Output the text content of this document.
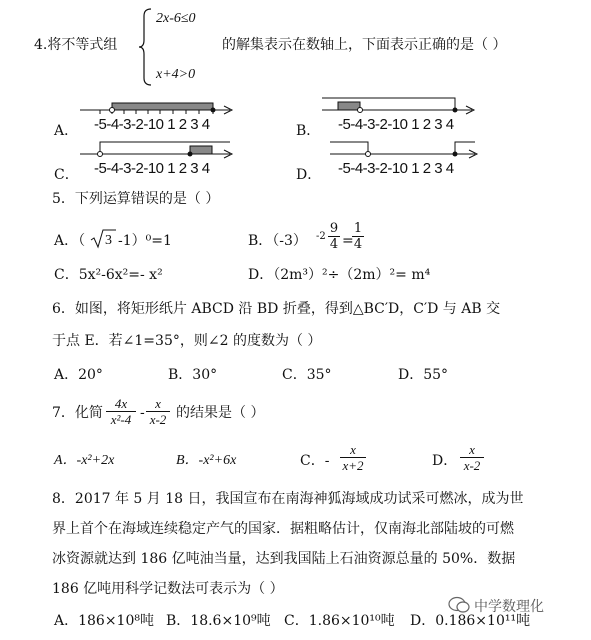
4.将不等式组
2x-6≤0
x+4>0
的解集表示在数轴上，下面表示正确的是（ ）
A． -5-4-3-2-10 1 2 3 4	B． -5-4-3-2-10 1 2 3 4
C． -5-4-3-2-10 1 2 3 4	D． -5-4-3-2-10 1 2 3 4
5．下列运算错误的是（ ）
A．（ 3 -1）⁰=1	B．（-3） $-2 \frac{9}{4}$ =
$\frac{1}{4}$
C．5x²-6x²=- x²	D．（2m³）²÷（2m）²= m⁴
6．如图，将矩形纸片 ABCD 沿 BD 折叠，得到△BC′D，C′D 与 AB 交
于点 E．若∠1=35°，则∠2 的度数为（ ）
A．20°	B．30°	C．35°	D．55°
7．化简 $\frac{4x}{\text{x²-4}} - \frac{x}{x-2}$ 的结果是（ ）
A．-x²+2x	B．-x²+6x	C．- $\frac{x}{x+2}$	D． $\frac{x}{x-2}$
8．2017 年 5 月 18 日，我国宣布在南海神狐海域成功试采可燃冰，成为世
界上首个在海域连续稳定产气的国家．据粗略估计，仅南海北部陆坡的可燃
冰资源就达到 186 亿吨油当量，达到我国陆上石油资源总量的 50%．数据
186 亿吨用科学记数法可表示为（ ）
A．186×10⁸吨 B．18.6×10⁹吨 C．1.86×10¹⁰吨 D．0.186×10¹¹吨
中学数理化
